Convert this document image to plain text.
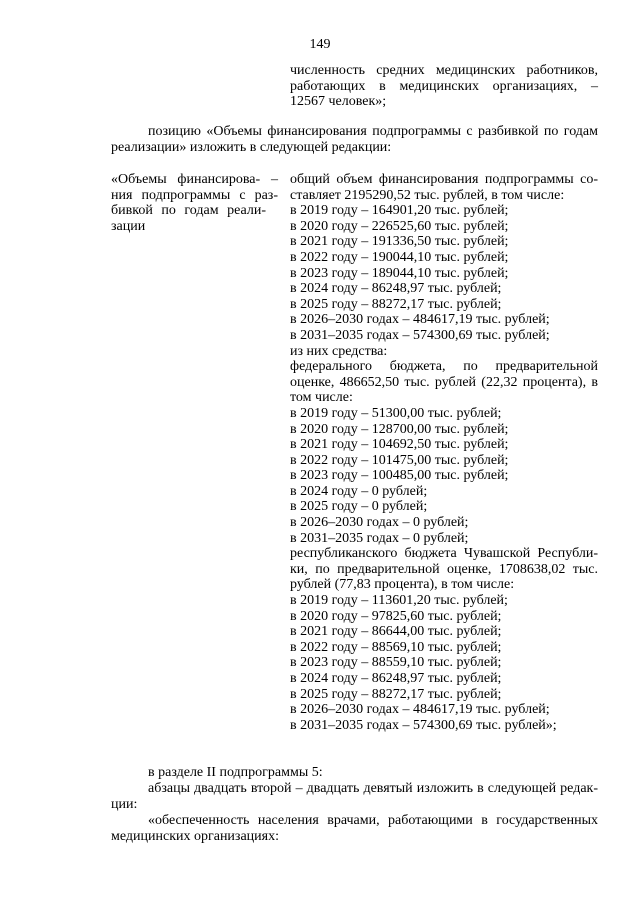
149
численность средних медицинских работников,
работающих в медицинских организациях, –
12567 человек»;
позицию «Объемы финансирования подпрограммы с разбивкой по годам
реализации» изложить в следующей редакции:
«Объемы финансирова- –
ния подпрограммы с раз-
бивкой по годам реали-
зации
общий объем финансирования подпрограммы со-
ставляет 2195290,52 тыс. рублей, в том числе:
в 2019 году – 164901,20 тыс. рублей;
в 2020 году – 226525,60 тыс. рублей;
в 2021 году – 191336,50 тыс. рублей;
в 2022 году – 190044,10 тыс. рублей;
в 2023 году – 189044,10 тыс. рублей;
в 2024 году – 86248,97 тыс. рублей;
в 2025 году – 88272,17 тыс. рублей;
в 2026–2030 годах – 484617,19 тыс. рублей;
в 2031–2035 годах – 574300,69 тыс. рублей;
из них средства:
федерального бюджета, по предварительной
оценке, 486652,50 тыс. рублей (22,32 процента), в
том числе:
в 2019 году – 51300,00 тыс. рублей;
в 2020 году – 128700,00 тыс. рублей;
в 2021 году – 104692,50 тыс. рублей;
в 2022 году – 101475,00 тыс. рублей;
в 2023 году – 100485,00 тыс. рублей;
в 2024 году – 0 рублей;
в 2025 году – 0 рублей;
в 2026–2030 годах – 0 рублей;
в 2031–2035 годах – 0 рублей;
республиканского бюджета Чувашской Республи-
ки, по предварительной оценке, 1708638,02 тыс.
рублей (77,83 процента), в том числе:
в 2019 году – 113601,20 тыс. рублей;
в 2020 году – 97825,60 тыс. рублей;
в 2021 году – 86644,00 тыс. рублей;
в 2022 году – 88569,10 тыс. рублей;
в 2023 году – 88559,10 тыс. рублей;
в 2024 году – 86248,97 тыс. рублей;
в 2025 году – 88272,17 тыс. рублей;
в 2026–2030 годах – 484617,19 тыс. рублей;
в 2031–2035 годах – 574300,69 тыс. рублей»;
в разделе II подпрограммы 5:
абзацы двадцать второй – двадцать девятый изложить в следующей редак-
ции:
«обеспеченность населения врачами, работающими в государственных
медицинских организациях:
